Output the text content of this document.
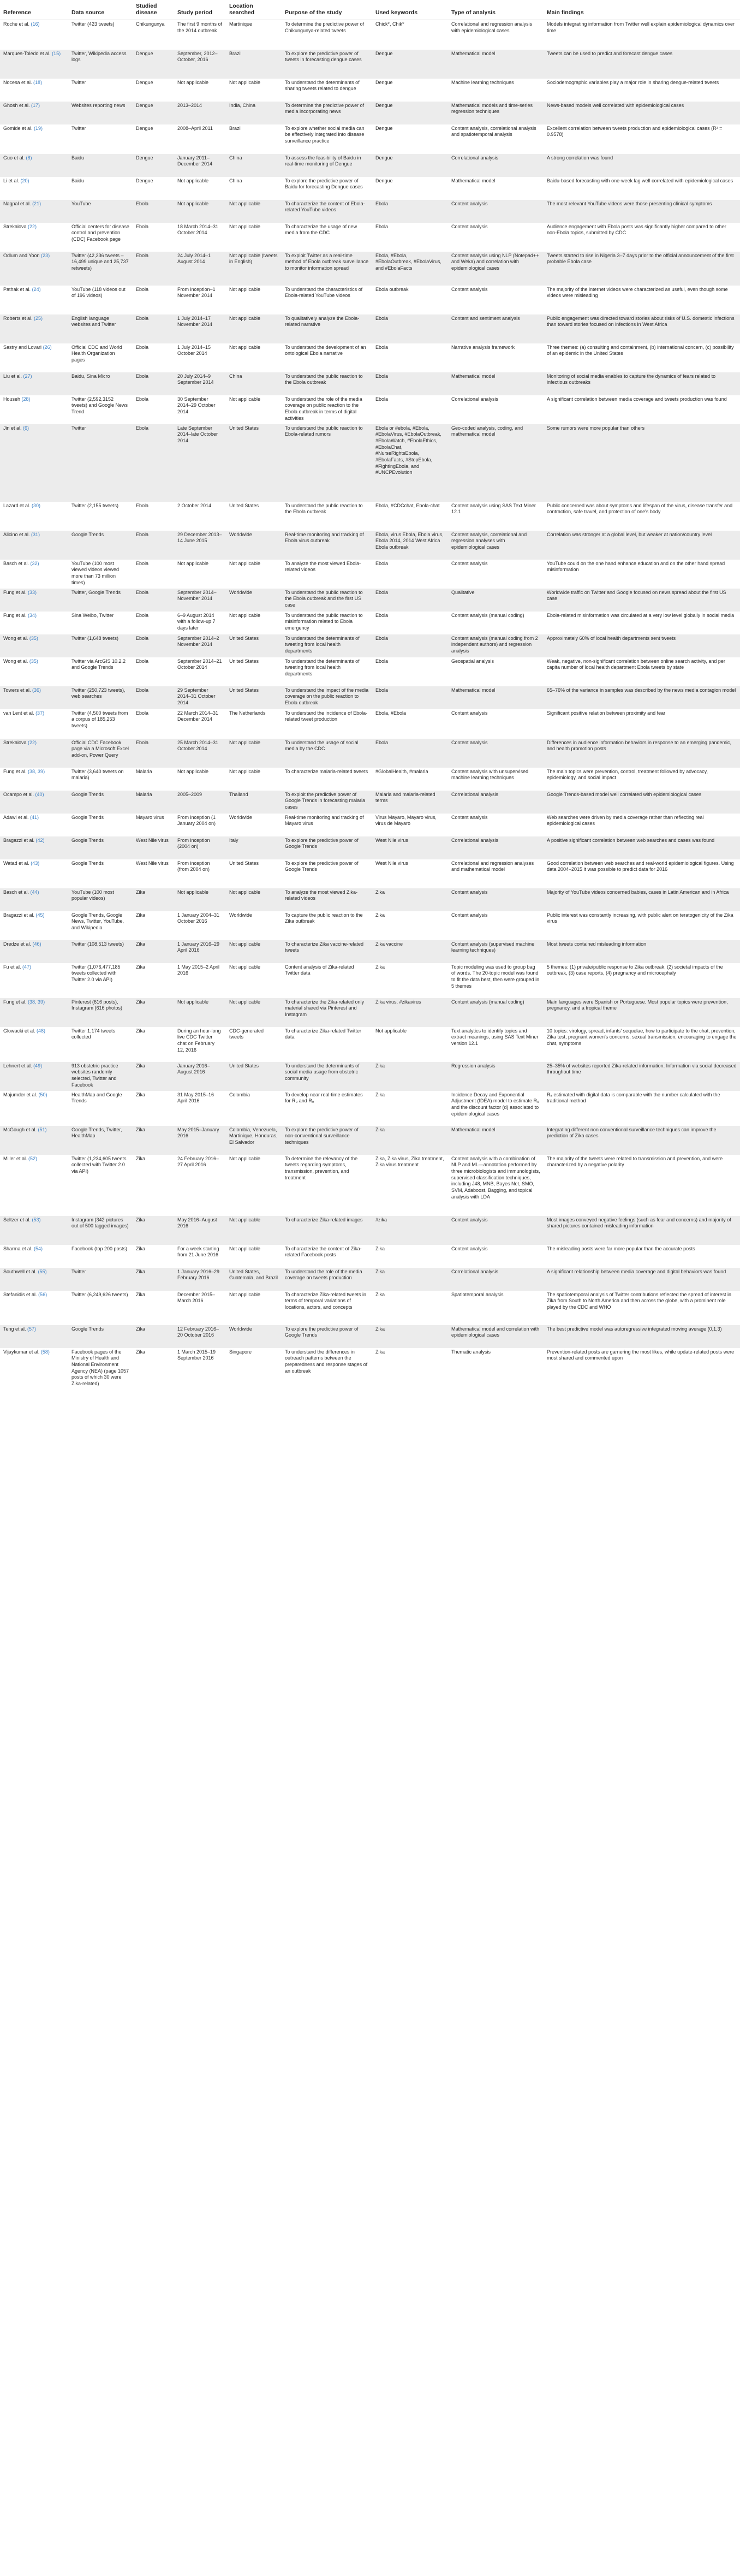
Reference	Data source	Studied disease	Study period	Location searched	Purpose of the study	Used keywords	Type of analysis	Main findings
Roche et al. (16)	Twitter (423 tweets)	Chikungunya	The first 9 months of the 2014 outbreak	Martinique	To determine the predictive power of Chikungunya-related tweets	Chick*, Chik*	Correlational and regression analysis with epidemiological cases	Models integrating information from Twitter well explain epidemiological dynamics over time
Marques-Toledo et al. (15)	Twitter, Wikipedia access logs	Dengue	September, 2012–October, 2016	Brazil	To explore the predictive power of tweets in forecasting dengue cases	Dengue	Mathematical model	Tweets can be used to predict and forecast dengue cases
Nocesa et al. (18)	Twitter	Dengue	Not applicable	Not applicable	To understand the determinants of sharing tweets related to dengue	Dengue	Machine learning techniques	Sociodemographic variables play a major role in sharing dengue-related tweets
Ghosh et al. (17)	Websites reporting news	Dengue	2013–2014	India, China	To determine the predictive power of media incorporating news	Dengue	Mathematical models and time-series regression techniques	News-based models well correlated with epidemiological cases
Gomide et al. (19)	Twitter	Dengue	2008–April 2011	Brazil	To explore whether social media can be effectively integrated into disease surveillance practice	Dengue	Content analysis, correlational analysis and spatiotemporal analysis	Excellent correlation between tweets production and epidemiological cases (R² = 0.9578)
Guo et al. (8)	Baidu	Dengue	January 2011–December 2014	China	To assess the feasibility of Baidu in real-time monitoring of Dengue	Dengue	Correlational analysis	A strong correlation was found
Li et al. (20)	Baidu	Dengue	Not applicable	China	To explore the predictive power of Baidu for forecasting Dengue cases	Dengue	Mathematical model	Baidu-based forecasting with one-week lag well correlated with epidemiological cases
Nagpal et al. (21)	YouTube	Ebola	Not applicable	Not applicable	To characterize the content of Ebola-related YouTube videos	Ebola	Content analysis	The most relevant YouTube videos were those presenting clinical symptoms
Strekalova (22)	Official centers for disease control and prevention (CDC) Facebook page	Ebola	18 March 2014–31 October 2014	Not applicable	To characterize the usage of new media from the CDC	Ebola	Content analysis	Audience engagement with Ebola posts was significantly higher compared to other non-Ebola topics, submitted by CDC
Odlum and Yoon (23)	Twitter (42,236 tweets – 16,499 unique and 25,737 retweets)	Ebola	24 July 2014–1 August 2014	Not applicable (tweets in English)	To exploit Twitter as a real-time method of Ebola outbreak surveillance to monitor information spread	Ebola, #Ebola, #EbolaOutbreak, #EbolaVirus, and #EbolaFacts	Content analysis using NLP (Notepad++ and Weka) and correlation with epidemiological cases	Tweets started to rise in Nigeria 3–7 days prior to the official announcement of the first probable Ebola case
Pathak et al. (24)	YouTube (118 videos out of 196 videos)	Ebola	From inception–1 November 2014	Not applicable	To understand the characteristics of Ebola-related YouTube videos	Ebola outbreak	Content analysis	The majority of the internet videos were characterized as useful, even though some videos were misleading
Roberts et al. (25)	English language websites and Twitter	Ebola	1 July 2014–17 November 2014	Not applicable	To qualitatively analyze the Ebola-related narrative	Ebola	Content and sentiment analysis	Public engagement was directed toward stories about risks of U.S. domestic infections than toward stories focused on infections in West Africa
Sastry and Lovari (26)	Official CDC and World Health Organization pages	Ebola	1 July 2014–15 October 2014	Not applicable	To understand the development of an ontological Ebola narrative	Ebola	Narrative analysis framework	Three themes: (a) consulting and containment, (b) international concern, (c) possibility of an epidemic in the United States
Liu et al. (27)	Baidu, Sina Micro	Ebola	20 July 2014–9 September 2014	China	To understand the public reaction to the Ebola outbreak	Ebola	Mathematical model	Monitoring of social media enables to capture the dynamics of fears related to infectious outbreaks
Househ (28)	Twitter (2,592,3152 tweets) and Google News Trend	Ebola	30 September 2014–29 October 2014	Not applicable	To understand the role of the media coverage on public reaction to the Ebola outbreak in terms of digital activities	Ebola	Correlational analysis	A significant correlation between media coverage and tweets production was found
Jin et al. (6)	Twitter	Ebola	Late September 2014–late October 2014	United States	To understand the public reaction to Ebola-related rumors	Ebola or #ebola, #Ebola, #EbolaVirus, #EbolaOutbreak, #EbolaWatch, #EbolaEthics, #EbolaChat, #NurseRightsEbola, #EbolaFacts, #StopEbola, #FightingEbola, and #UNCPEvolution	Geo-coded analysis, coding, and mathematical model	Some rumors were more popular than others
Lazard et al. (30)	Twitter (2,155 tweets)	Ebola	2 October 2014	United States	To understand the public reaction to the Ebola outbreak	Ebola, #CDCchat, Ebola-chat	Content analysis using SAS Text Miner 12.1	Public concerned was about symptoms and lifespan of the virus, disease transfer and contraction, safe travel, and protection of one's body
Alicino et al. (31)	Google Trends	Ebola	29 December 2013–14 June 2015	Worldwide	Real-time monitoring and tracking of Ebola virus outbreak	Ebola, virus Ebola, Ebola virus, Ebola 2014, 2014 West Africa Ebola outbreak	Content analysis, correlational and regression analyses with epidemiological cases	Correlation was stronger at a global level, but weaker at nation/country level
Basch et al. (32)	YouTube (100 most viewed videos viewed more than 73 million times)	Ebola	Not applicable	Not applicable	To analyze the most viewed Ebola-related videos	Ebola	Content analysis	YouTube could on the one hand enhance education and on the other hand spread misinformation
Fung et al. (33)	Twitter, Google Trends	Ebola	September 2014–November 2014	Worldwide	To understand the public reaction to the Ebola outbreak and the first US case	Ebola	Qualitative	Worldwide traffic on Twitter and Google focused on news spread about the first US case
Fung et al. (34)	Sina Weibo, Twitter	Ebola	6–9 August 2014 with a follow-up 7 days later	Not applicable	To understand the public reaction to misinformation related to Ebola emergency	Ebola	Content analysis (manual coding)	Ebola-related misinformation was circulated at a very low level globally in social media
Wong et al. (35)	Twitter (1,648 tweets)	Ebola	September 2014–2 November 2014	United States	To understand the determinants of tweeting from local health departments	Ebola	Content analysis (manual coding from 2 independent authors) and regression analysis	Approximately 60% of local health departments sent tweets
Wong et al. (35)	Twitter via ArcGIS 10.2.2 and Google Trends	Ebola	September 2014–21 October 2014	United States	To understand the determinants of tweeting from local health departments	Ebola	Geospatial analysis	Weak, negative, non-significant correlation between online search activity, and per capita number of local health department Ebola tweets by state
Towers et al. (36)	Twitter (250,723 tweets), web searches	Ebola	29 September 2014–31 October 2014	United States	To understand the impact of the media coverage on the public reaction to Ebola outbreak	Ebola	Mathematical model	65–76% of the variance in samples was described by the news media contagion model
van Lent et al. (37)	Twitter (4,500 tweets from a corpus of 185,253 tweets)	Ebola	22 March 2014–31 December 2014	The Netherlands	To understand the incidence of Ebola-related tweet production	Ebola, #Ebola	Content analysis	Significant positive relation between proximity and fear
Strekalova (22)	Official CDC Facebook page via a Microsoft Excel add-on, Power Query	Ebola	25 March 2014–31 October 2014	Not applicable	To understand the usage of social media by the CDC	Ebola	Content analysis	Differences in audience information behaviors in response to an emerging pandemic, and health promotion posts
Fung et al. (38, 39)	Twitter (3,640 tweets on malaria)	Malaria	Not applicable	Not applicable	To characterize malaria-related tweets	#GlobalHealth, #malaria	Content analysis with unsupervised machine learning techniques	The main topics were prevention, control, treatment followed by advocacy, epidemiology, and social impact
Ocampo et al. (40)	Google Trends	Malaria	2005–2009	Thailand	To exploit the predictive power of Google Trends in forecasting malaria cases	Malaria and malaria-related terms	Correlational analysis	Google Trends-based model well correlated with epidemiological cases
Adawi et al. (41)	Google Trends	Mayaro virus	From inception (1 January 2004 on)	Worldwide	Real-time monitoring and tracking of Mayaro virus	Virus Mayaro, Mayaro virus, virus de Mayaro	Content analysis	Web searches were driven by media coverage rather than reflecting real epidemiological cases
Bragazzi et al. (42)	Google Trends	West Nile virus	From inception (2004 on)	Italy	To explore the predictive power of Google Trends	West Nile virus	Correlational analysis	A positive significant correlation between web searches and cases was found
Watad et al. (43)	Google Trends	West Nile virus	From inception (from 2004 on)	United States	To explore the predictive power of Google Trends	West Nile virus	Correlational and regression analyses and mathematical model	Good correlation between web searches and real-world epidemiological figures. Using data 2004–2015 it was possible to predict data for 2016
Basch et al. (44)	YouTube (100 most popular videos)	Zika	Not applicable	Not applicable	To analyze the most viewed Zika-related videos	Zika	Content analysis	Majority of YouTube videos concerned babies, cases in Latin American and in Africa
Bragazzi et al. (45)	Google Trends, Google News, Twitter, YouTube, and Wikipedia	Zika	1 January 2004–31 October 2016	Worldwide	To capture the public reaction to the Zika outbreak	Zika	Content analysis	Public interest was constantly increasing, with public alert on teratogenicity of the Zika virus
Dredze et al. (46)	Twitter (108,513 tweets)	Zika	1 January 2016–29 April 2016	Not applicable	To characterize Zika vaccine-related tweets	Zika vaccine	Content analysis (supervised machine learning techniques)	Most tweets contained misleading information
Fu et al. (47)	Twitter (1,076,477,185 tweets collected with Twitter 2.0 via API)	Zika	1 May 2015–2 April 2016	Not applicable	Content analysis of Zika-related Twitter data	Zika	Topic modeling was used to group bag of words. The 20-topic model was found to fit the data best, then were grouped in 5 themes	5 themes: (1) private/public response to Zika outbreak, (2) societal impacts of the outbreak, (3) case reports, (4) pregnancy and microcephaly
Fung et al. (38, 39)	Pinterest (616 posts), Instagram (616 photos)	Zika	Not applicable	Not applicable	To characterize the Zika-related only material shared via Pinterest and Instagram	Zika virus, #zikavirus	Content analysis (manual coding)	Main languages were Spanish or Portuguese. Most popular topics were prevention, pregnancy, and a tropical theme
Glowacki et al. (48)	Twitter 1,174 tweets collected	Zika	During an hour-long live CDC Twitter chat on February 12, 2016	CDC-generated tweets	To characterize Zika-related Twitter data	Not applicable	Text analytics to identify topics and extract meanings, using SAS Text Miner version 12.1	10 topics: virology, spread, infants' sequelae, how to participate to the chat, prevention, Zika test, pregnant women's concerns, sexual transmission, encouraging to engage the chat, symptoms
Lehnert et al. (49)	913 obstetric practice websites randomly selected, Twitter and Facebook	Zika	January 2016–August 2016	United States	To understand the determinants of social media usage from obstetric community	Zika	Regression analysis	25–35% of websites reported Zika-related information. Information via social decreased throughout time
Majumder et al. (50)	HealthMap and Google Trends	Zika	31 May 2015–16 April 2016	Colombia	To develop near real-time estimates for R₀ and Rₐ	Zika	Incidence Decay and Exponential Adjustment (IDEA) model to estimate R₀ and the discount factor (d) associated to epidemiological cases	Rₐ estimated with digital data is comparable with the number calculated with the traditional method
McGough et al. (51)	Google Trends, Twitter, HealthMap	Zika	May 2015–January 2016	Colombia, Venezuela, Martinique, Honduras, El Salvador	To explore the predictive power of non-conventional surveillance techniques	Zika	Mathematical model	Integrating different non conventional surveillance techniques can improve the prediction of Zika cases
Miller et al. (52)	Twitter (1,234,605 tweets collected with Twitter 2.0 via API)	Zika	24 February 2016–27 April 2016	Not applicable	To determine the relevancy of the tweets regarding symptoms, transmission, prevention, and treatment	Zika, Zika virus, Zika treatment, Zika virus treatment	Content analysis with a combination of NLP and ML—annotation performed by three microbiologists and immunologists, supervised classification techniques, including J48, MNB, Bayes Net, SMO, SVM, Adaboost, Bagging, and topical analysis with LDA	The majority of the tweets were related to transmission and prevention, and were characterized by a negative polarity
Seltzer et al. (53)	Instagram (342 pictures out of 500 tagged images)	Zika	May 2016–August 2016	Not applicable	To characterize Zika-related images	#zika	Content analysis	Most images conveyed negative feelings (such as fear and concerns) and majority of shared pictures contained misleading information
Sharma et al. (54)	Facebook (top 200 posts)	Zika	For a week starting from 21 June 2016	Not applicable	To characterize the content of Zika-related Facebook posts	Zika	Content analysis	The misleading posts were far more popular than the accurate posts
Southwell et al. (55)	Twitter	Zika	1 January 2016–29 February 2016	United States, Guatemala, and Brazil	To understand the role of the media coverage on tweets production	Zika	Correlational analysis	A significant relationship between media coverage and digital behaviors was found
Stefanidis et al. (56)	Twitter (6,249,626 tweets)	Zika	December 2015–March 2016	Not applicable	To characterize Zika-related tweets in terms of temporal variations of locations, actors, and concepts	Zika	Spatiotemporal analysis	The spatiotemporal analysis of Twitter contributions reflected the spread of interest in Zika from South to North America and then across the globe, with a prominent role played by the CDC and WHO
Teng et al. (57)	Google Trends	Zika	12 February 2016–20 October 2016	Worldwide	To explore the predictive power of Google Trends	Zika	Mathematical model and correlation with epidemiological cases	The best predictive model was autoregressive integrated moving average (0,1,3)
Vijaykumar et al. (58)	Facebook pages of the Ministry of Health and National Environment Agency (NEA) (page 1057 posts of which 30 were Zika-related)	Zika	1 March 2015–19 September 2016	Singapore	To understand the differences in outreach patterns between the preparedness and response stages of an outbreak	Zika	Thematic analysis	Prevention-related posts are garnering the most likes, while update-related posts were most shared and commented upon
